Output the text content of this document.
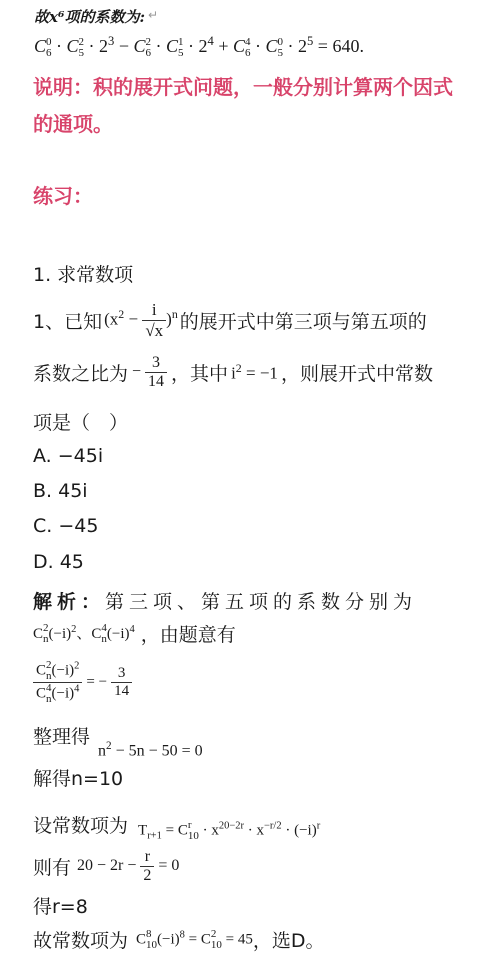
故x⁶项的系数为: ↵
C 0
6 · C 2
$5 \cdot 2^3 - C$ 2
6 · C 1
$5 \cdot 2^4 + C$ 4
6 · C 0
$5 \cdot 2^5 = 640$.
说明：积的展开式问题，一般分别计算两个因式
的通项。
练习：
1. 求常数项
1、已知 $(x^2 - \frac{i}{√x} )^n$ 的展开式中第三项与第五项的
系数之比为 − $\frac{3}{14}$ ，其中 $i^2 = -1$ ，则展开式中常数
项是（　）
A. −45i
B. 45i
C. −45
D. 45
解析：第三项、第五项的系数分别为
C 2
n $(-i)^2$、C 4
n $(-i)^4$ ，由题意有
C 2
n $(-i)^2$
C 4
n $(-i)^4$ = − $\frac{3}{14}$
整理得
$n^2 - 5n - 50 = 0$
解得n=10
设常数项为 $T_{r+1} = C$ r
$10 \cdot x^{20-2r} \cdot x^{-r/2} \cdot (-i)^r$
则有 $20 - 2r - \frac{r}{2} = 0$
得r=8
故常数项为 C 8
10 $(-i)^8 = C$ 2
10 = 45 ，选D。
